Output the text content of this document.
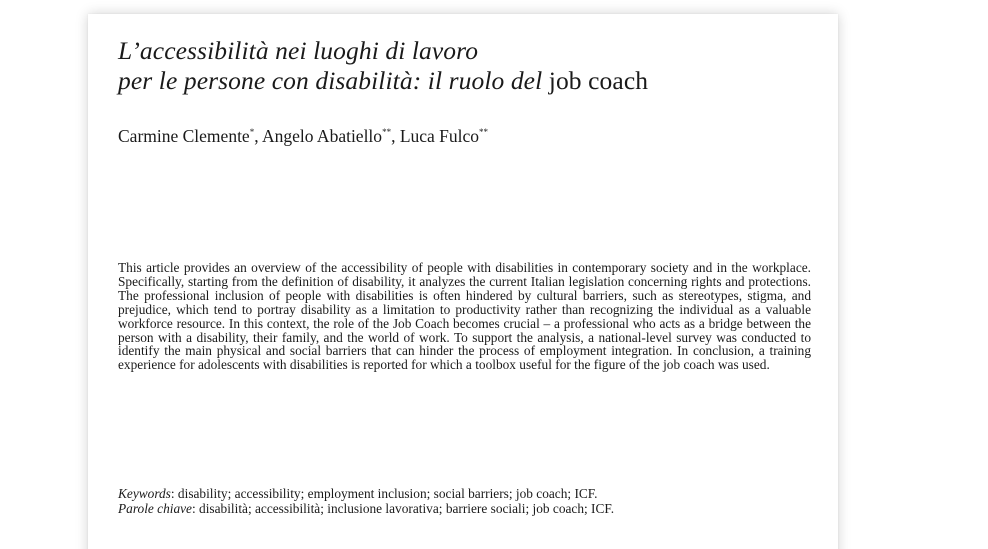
L’accessibilità nei luoghi di lavoro
per le persone con disabilità: il ruolo del job coach

Carmine Clemente*, Angelo Abatiello**, Luca Fulco**

This article provides an overview of the accessibility of people with disabilities in contemporary society and in the workplace. Specifically, starting from the definition of disability, it analyzes the current Italian legislation concerning rights and protections. The professional inclusion of people with disabilities is often hindered by cultural barriers, such as stereotypes, stigma, and prejudice, which tend to portray disability as a limitation to productivity rather than recognizing the individual as a valuable workforce resource. In this context, the role of the Job Coach becomes crucial – a professional who acts as a bridge between the person with a disability, their family, and the world of work. To support the analysis, a national-level survey was conducted to identify the main physical and social barriers that can hinder the process of employment integration. In conclusion, a training experience for adolescents with disabilities is reported for which a toolbox useful for the figure of the job coach was used.

Keywords: disability; accessibility; employment inclusion; social barriers; job coach; ICF.
Parole chiave: disabilità; accessibilità; inclusione lavorativa; barriere sociali; job coach; ICF.
